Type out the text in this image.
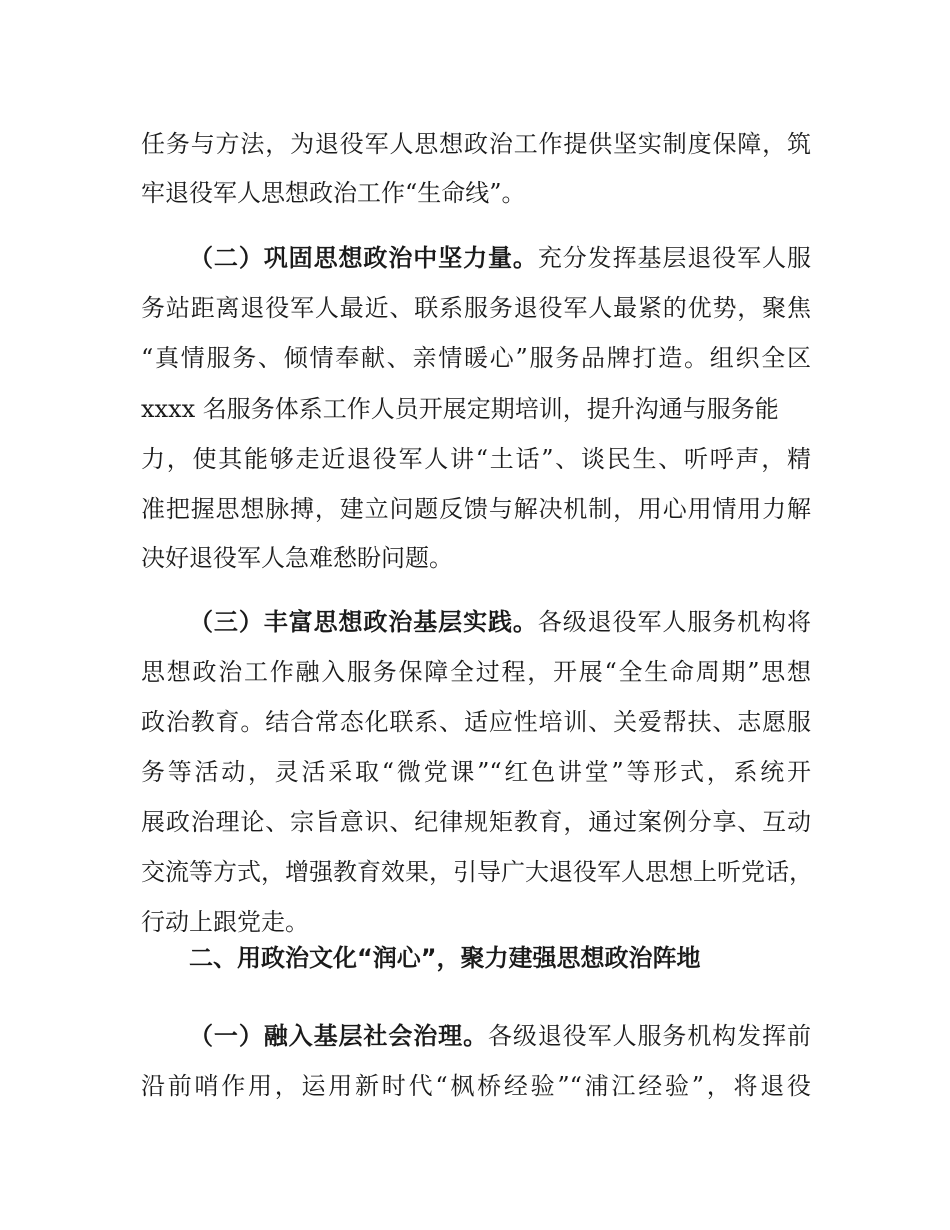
任务与方法，为退役军人思想政治工作提供坚实制度保障，筑
牢退役军人思想政治工作“生命线”。
（二）巩固思想政治中坚力量。充分发挥基层退役军人服
务站距离退役军人最近、联系服务退役军人最紧的优势，聚焦
“真情服务、倾情奉献、亲情暖心”服务品牌打造。组织全区
xxxx 名服务体系工作人员开展定期培训，提升沟通与服务能
力，使其能够走近退役军人讲“土话”、谈民生、听呼声，精
准把握思想脉搏，建立问题反馈与解决机制，用心用情用力解
决好退役军人急难愁盼问题。
（三）丰富思想政治基层实践。各级退役军人服务机构将
思想政治工作融入服务保障全过程，开展“全生命周期”思想
政治教育。结合常态化联系、适应性培训、关爱帮扶、志愿服
务等活动，灵活采取“微党课”“红色讲堂”等形式，系统开
展政治理论、宗旨意识、纪律规矩教育，通过案例分享、互动
交流等方式，增强教育效果，引导广大退役军人思想上听党话，
行动上跟党走。
二、用政治文化“润心”，聚力建强思想政治阵地
（一）融入基层社会治理。各级退役军人服务机构发挥前
沿前哨作用，运用新时代“枫桥经验”“浦江经验”，将退役
